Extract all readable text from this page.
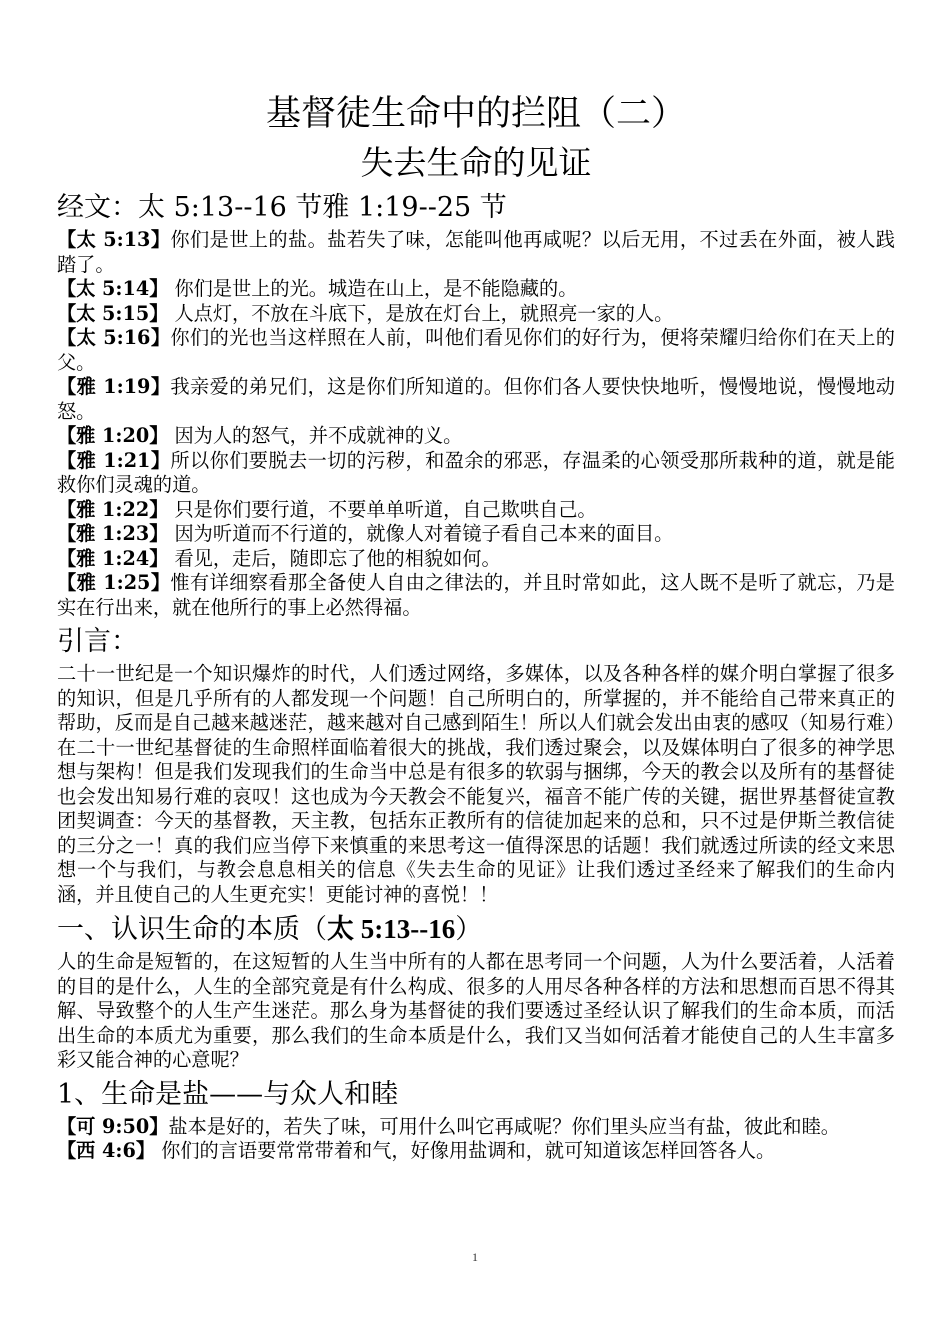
基督徒生命中的拦阻（二）
失去生命的见证
经文：太 5:13--16 节雅 1:19--25 节

【太 5:13】你们是世上的盐。盐若失了味，怎能叫他再咸呢？以后无用，不过丢在外面，被人践踏了。

【太 5:14】 你们是世上的光。城造在山上，是不能隐藏的。

【太 5:15】 人点灯，不放在斗底下，是放在灯台上，就照亮一家的人。

【太 5:16】你们的光也当这样照在人前，叫他们看见你们的好行为，便将荣耀归给你们在天上的父。

【雅 1:19】我亲爱的弟兄们，这是你们所知道的。但你们各人要快快地听，慢慢地说，慢慢地动怒。

【雅 1:20】 因为人的怒气，并不成就神的义。

【雅 1:21】所以你们要脱去一切的污秽，和盈余的邪恶，存温柔的心领受那所栽种的道，就是能救你们灵魂的道。

【雅 1:22】 只是你们要行道，不要单单听道，自己欺哄自己。

【雅 1:23】 因为听道而不行道的，就像人对着镜子看自己本来的面目。

【雅 1:24】 看见，走后，随即忘了他的相貌如何。

【雅 1:25】惟有详细察看那全备使人自由之律法的，并且时常如此，这人既不是听了就忘，乃是实在行出来，就在他所行的事上必然得福。

引言：

二十一世纪是一个知识爆炸的时代，人们透过网络，多媒体，以及各种各样的媒介明白掌握了很多的知识，但是几乎所有的人都发现一个问题！自己所明白的，所掌握的，并不能给自己带来真正的帮助，反而是自己越来越迷茫，越来越对自己感到陌生！所以人们就会发出由衷的感叹（知易行难）在二十一世纪基督徒的生命照样面临着很大的挑战，我们透过聚会，以及媒体明白了很多的神学思想与架构！但是我们发现我们的生命当中总是有很多的软弱与捆绑，今天的教会以及所有的基督徒也会发出知易行难的哀叹！这也成为今天教会不能复兴，福音不能广传的关键，据世界基督徒宣教团契调查：今天的基督教，天主教，包括东正教所有的信徒加起来的总和，只不过是伊斯兰教信徒的三分之一！真的我们应当停下来慎重的来思考这一值得深思的话题！我们就透过所读的经文来思想一个与我们，与教会息息相关的信息《失去生命的见证》让我们透过圣经来了解我们的生命内涵，并且使自己的人生更充实！更能讨神的喜悦！！

一、认识生命的本质（太 5:13--16）

人的生命是短暂的，在这短暂的人生当中所有的人都在思考同一个问题，人为什么要活着，人活着的目的是什么，人生的全部究竟是有什么构成、很多的人用尽各种各样的方法和思想而百思不得其解、导致整个的人生产生迷茫。那么身为基督徒的我们要透过圣经认识了解我们的生命本质，而活出生命的本质尤为重要，那么我们的生命本质是什么，我们又当如何活着才能使自己的人生丰富多彩又能合神的心意呢？

1、生命是盐——与众人和睦

【可 9:50】盐本是好的，若失了味，可用什么叫它再咸呢？你们里头应当有盐，彼此和睦。

【西 4:6】 你们的言语要常常带着和气，好像用盐调和，就可知道该怎样回答各人。

1
